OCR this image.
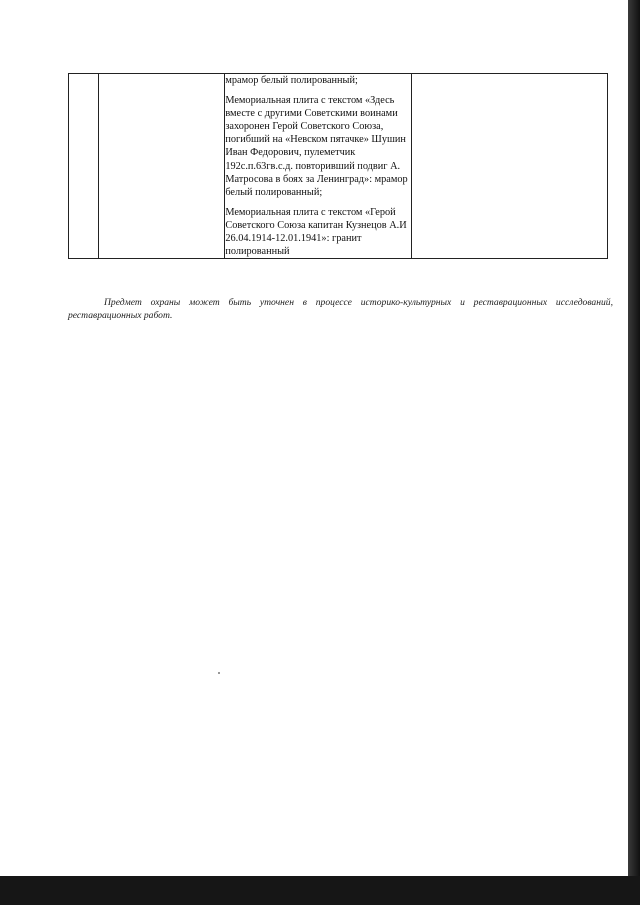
мрамор белый полированный;

Мемориальная плита с текстом «Здесь вместе с другими Советскими воинами захоронен Герой Советского Союза, погибший на «Невском пятачке» Шушин Иван Федорович, пулеметчик 192с.п.63гв.с.д. повторивший подвиг А. Матросова в боях за Ленинград»: мрамор белый полированный;

Мемориальная плита с текстом «Герой Советского Союза капитан Кузнецов А.И 26.04.1914-12.01.1941»: гранит полированный

Предмет охраны может быть уточнен в процессе историко-культурных и реставрационных исследований, реставрационных работ.
